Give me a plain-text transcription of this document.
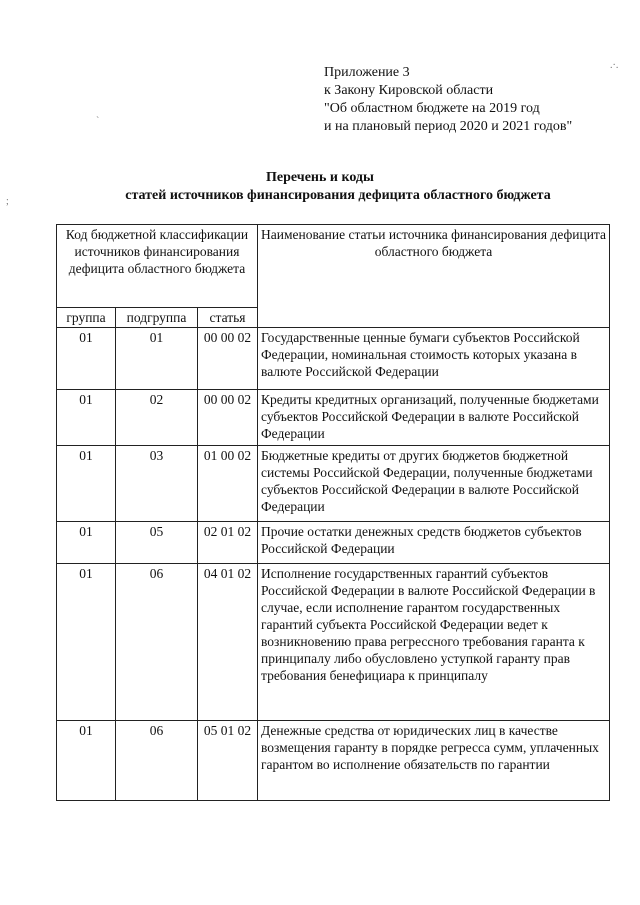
Приложение 3
к Закону Кировской области
"Об областном бюджете на 2019 год
и на плановый период 2020 и 2021 годов"
Перечень и коды
статей источников финансирования дефицита областного бюджета
Код бюджетной классификации источников финансирования дефицита областного бюджета			Наименование статьи источника финансирования дефицита областного бюджета
группа	подгруппа	статья	
01	01	00 00 02	Государственные ценные бумаги субъектов Российской Федерации, номинальная стоимость которых указана в валюте Российской Федерации
01	02	00 00 02	Кредиты кредитных организаций, полученные бюджетами субъектов Российской Федерации в валюте Российской Федерации
01	03	01 00 02	Бюджетные кредиты от других бюджетов бюджетной системы Российской Федерации, полученные бюджетами субъектов Российской Федерации в валюте Российской Федерации
01	05	02 01 02	Прочие остатки денежных средств бюджетов субъектов Российской Федерации
01	06	04 01 02	Исполнение государственных гарантий субъектов Российской Федерации в валюте Российской Федерации в случае, если исполнение гарантом государственных гарантий субъекта Российской Федерации ведет к возникновению права регрессного требования гаранта к принципалу либо обусловлено уступкой гаранту прав требования бенефициара к принципалу
01	06	05 01 02	Денежные средства от юридических лиц в качестве возмещения гаранту в порядке регресса сумм, уплаченных гарантом во исполнение обязательств по гарантии
.·.
`
;
